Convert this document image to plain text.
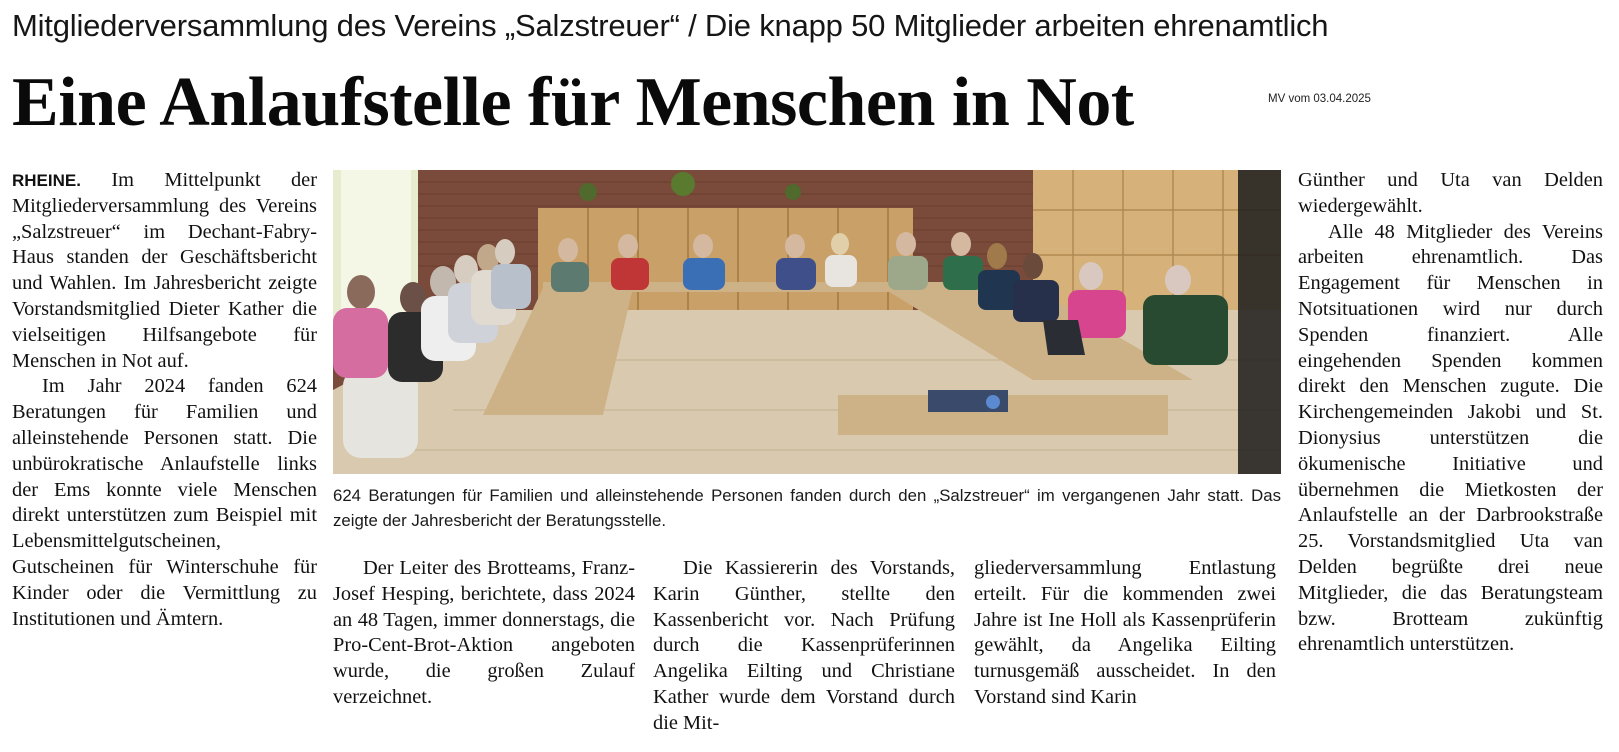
Mitgliederversammlung des Vereins „Salzstreuer“ / Die knapp 50 Mitglieder arbeiten ehrenamtlich
Eine Anlaufstelle für Menschen in Not	MV vom 03.04.2025

RHEINE. Im Mittelpunkt der Mitgliederversammlung des Vereins „Salzstreuer“ im Dechant-Fabry-Haus standen der Geschäftsbericht und Wahlen. Im Jahresbericht zeigte Vorstandsmitglied Dieter Kather die vielseitigen Hilfsangebote für Menschen in Not auf.

Im Jahr 2024 fanden 624 Beratungen für Familien und alleinstehende Personen statt. Die unbürokratische Anlaufstelle links der Ems konnte viele Menschen direkt unterstützen zum Beispiel mit Lebensmittelgutscheinen, Gutscheinen für Winterschuhe für Kinder oder die Vermittlung zu Institutionen und Ämtern.

624 Beratungen für Familien und alleinstehende Personen fanden durch den „Salzstreuer“ im vergangenen Jahr statt. Das zeigte der Jahresbericht der Beratungsstelle.

Der Leiter des Brotteams, Franz-Josef Hesping, berichtete, dass 2024 an 48 Tagen, immer donnerstags, die Pro-Cent-Brot-Aktion angeboten wurde, die großen Zulauf verzeichnet.

Die Kassiererin des Vorstands, Karin Günther, stellte den Kassenbericht vor. Nach Prüfung durch die Kassenprüferinnen Angelika Eilting und Christiane Kather wurde dem Vorstand durch die Mit-

gliederversammlung Entlastung erteilt. Für die kommenden zwei Jahre ist Ine Holl als Kassenprüferin gewählt, da Angelika Eilting turnusgemäß ausscheidet. In den Vorstand sind Karin

Günther und Uta van Delden wiedergewählt.

Alle 48 Mitglieder des Vereins arbeiten ehrenamtlich. Das Engagement für Menschen in Notsituationen wird nur durch Spenden finanziert. Alle eingehenden Spenden kommen direkt den Menschen zugute. Die Kirchengemeinden Jakobi und St. Dionysius unterstützen die ökumenische Initiative und übernehmen die Mietkosten der Anlaufstelle an der Darbrookstraße 25. Vorstandsmitglied Uta van Delden begrüßte drei neue Mitglieder, die das Beratungsteam bzw. Brotteam zukünftig ehrenamtlich unterstützen.
